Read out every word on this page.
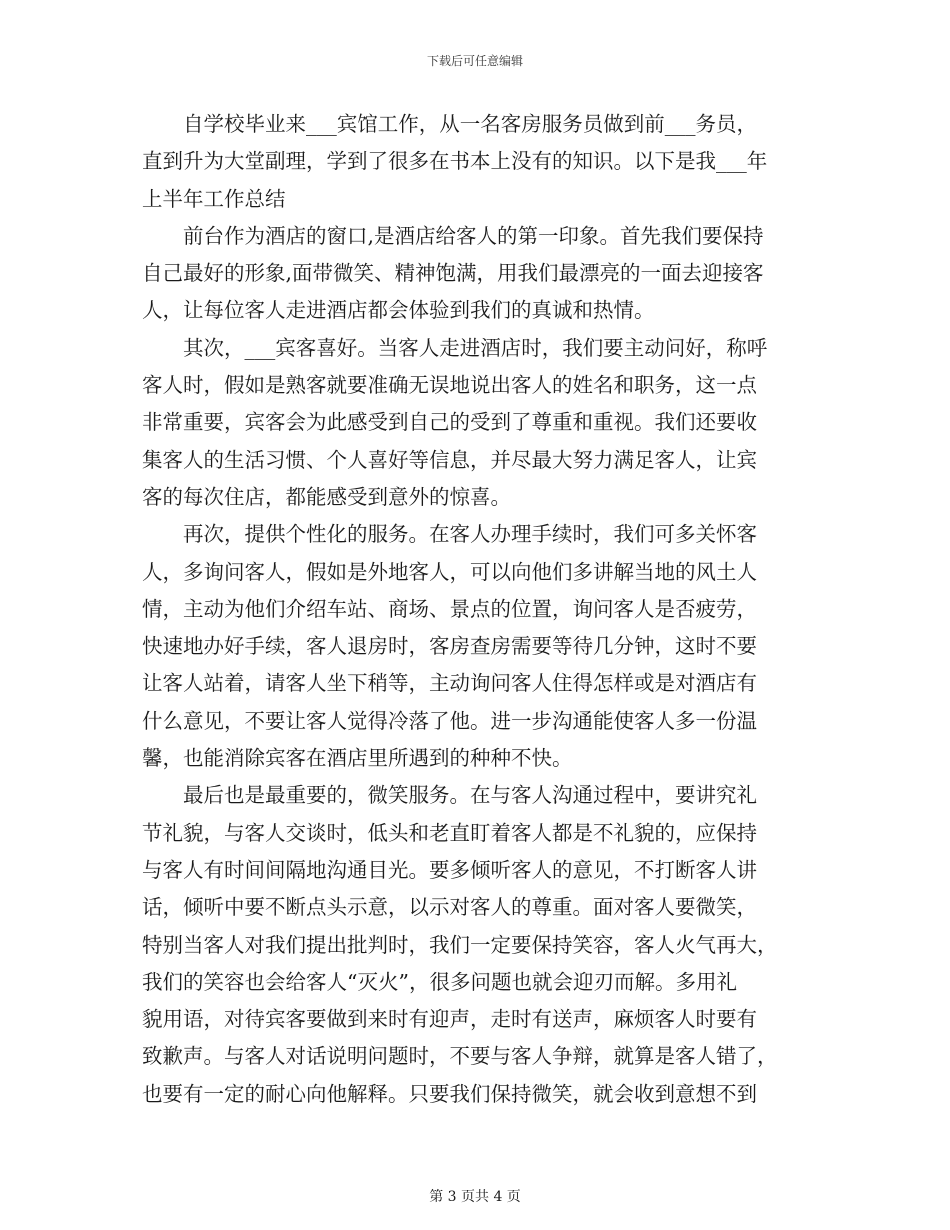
下载后可任意编辑

自学校毕业来___宾馆工作，从一名客房服务员做到前___务员，
直到升为大堂副理，学到了很多在书本上没有的知识。以下是我___年
上半年工作总结

前台作为酒店的窗口,是酒店给客人的第一印象。首先我们要保持
自己最好的形象,面带微笑、精神饱满，用我们最漂亮的一面去迎接客
人，让每位客人走进酒店都会体验到我们的真诚和热情。

其次，___宾客喜好。当客人走进酒店时，我们要主动问好，称呼
客人时，假如是熟客就要准确无误地说出客人的姓名和职务，这一点
非常重要，宾客会为此感受到自己的受到了尊重和重视。我们还要收
集客人的生活习惯、个人喜好等信息，并尽最大努力满足客人，让宾
客的每次住店，都能感受到意外的惊喜。

再次，提供个性化的服务。在客人办理手续时，我们可多关怀客
人，多询问客人，假如是外地客人，可以向他们多讲解当地的风土人
情，主动为他们介绍车站、商场、景点的位置，询问客人是否疲劳，
快速地办好手续，客人退房时，客房查房需要等待几分钟，这时不要
让客人站着，请客人坐下稍等，主动询问客人住得怎样或是对酒店有
什么意见，不要让客人觉得冷落了他。进一步沟通能使客人多一份温
馨，也能消除宾客在酒店里所遇到的种种不快。

最后也是最重要的，微笑服务。在与客人沟通过程中，要讲究礼
节礼貌，与客人交谈时，低头和老直盯着客人都是不礼貌的，应保持
与客人有时间间隔地沟通目光。要多倾听客人的意见，不打断客人讲
话，倾听中要不断点头示意，以示对客人的尊重。面对客人要微笑，
特别当客人对我们提出批判时，我们一定要保持笑容，客人火气再大，
我们的笑容也会给客人“灭火”，很多问题也就会迎刃而解。多用礼
貌用语，对待宾客要做到来时有迎声，走时有送声，麻烦客人时要有
致歉声。与客人对话说明问题时，不要与客人争辩，就算是客人错了，
也要有一定的耐心向他解释。只要我们保持微笑，就会收到意想不到

第 3 页共 4 页
